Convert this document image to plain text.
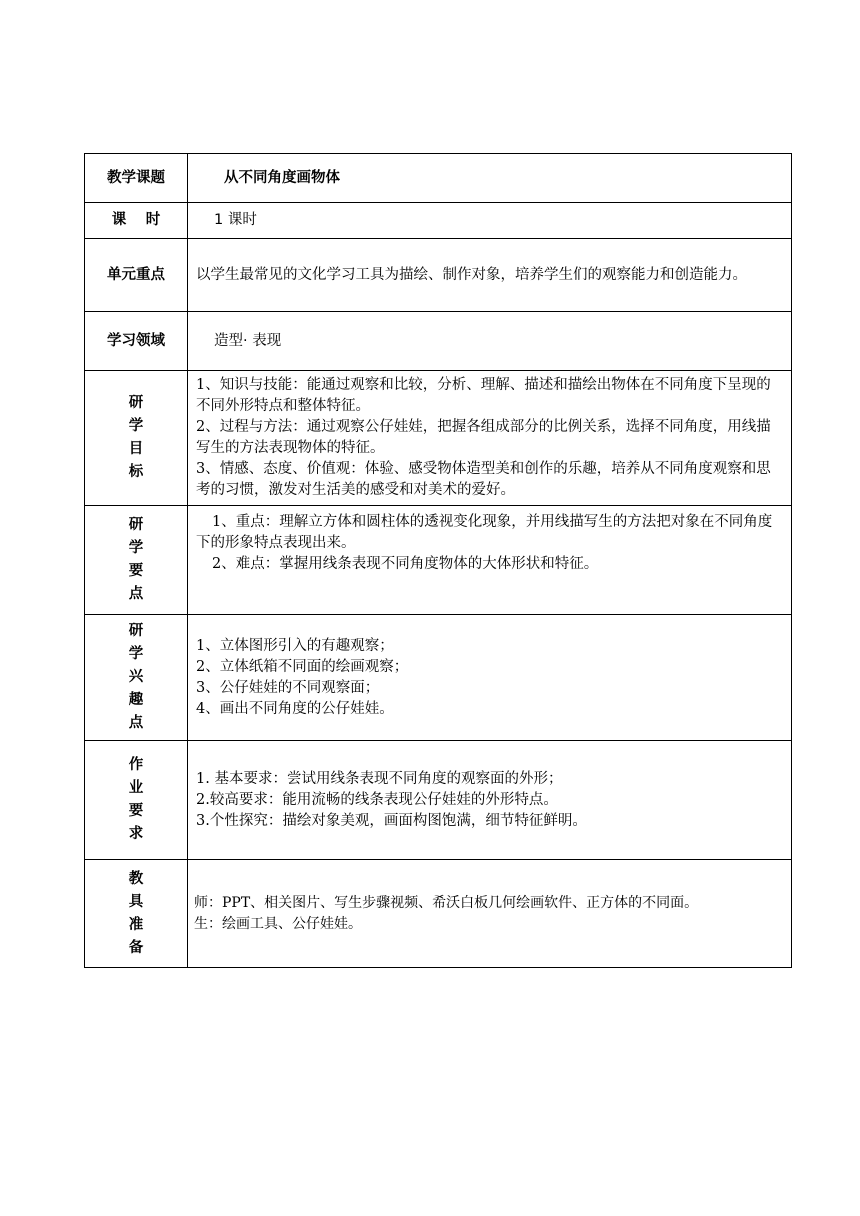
教学课题	从不同角度画物体
课　 时	1 课时
单元重点	以学生最常见的文化学习工具为描绘、制作对象，培养学生们的观察能力和创造能力。
学习领域	造型· 表现

研
学
目
标	1、知识与技能：能通过观察和比较，分析、理解、描述和描绘出物体在不同角度下呈现的不同外形特点和整体特征。
2、过程与方法：通过观察公仔娃娃，把握各组成部分的比例关系，选择不同角度，用线描写生的方法表现物体的特征。
3、情感、态度、价值观：体验、感受物体造型美和创作的乐趣，培养从不同角度观察和思考的习惯，激发对生活美的感受和对美术的爱好。

研
学
要
点	1、重点：理解立方体和圆柱体的透视变化现象，并用线描写生的方法把对象在不同角度下的形象特点表现出来。
2、难点：掌握用线条表现不同角度物体的大体形状和特征。

研
学
兴
趣
点	1、立体图形引入的有趣观察；
2、立体纸箱不同面的绘画观察；
3、公仔娃娃的不同观察面；
4、画出不同角度的公仔娃娃。

作
业
要
求	1. 基本要求：尝试用线条表现不同角度的观察面的外形；
2.较高要求：能用流畅的线条表现公仔娃娃的外形特点。
3.个性探究：描绘对象美观，画面构图饱满，细节特征鲜明。

教
具
准
备	师：PPT、相关图片、写生步骤视频、希沃白板几何绘画软件、正方体的不同面。
生：绘画工具、公仔娃娃。
